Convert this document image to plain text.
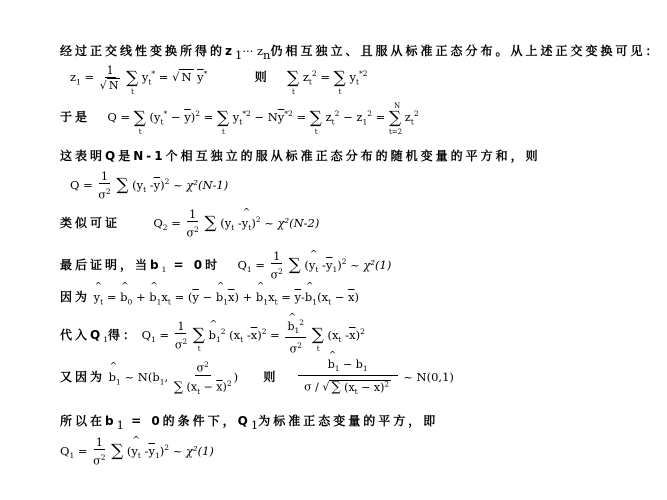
经过正交线性变换所得的$z_1\cdot\cdot\cdot z_n$仍相互独立、且服从标准正态分布。从上述正交变换可见：
$z_1 = \frac{1}{√ N}$ ∑
t
$y_t^*$ = √ N $\overline{y}^*$	则 ∑
t
$z_t^2$ = ∑
t
$y_t^{*2}$
于是  Q = ∑
t
$(y_t^* - \overline{y})^2$ = ∑
t
$y_t^{*2} - N\overline{y}^{*2}$ = ∑
t
$z_t^2 - z_1^2$ = ∑
N
t=2
$z_t^2$
这表明Q是N-1个相互独立的服从标准正态分布的随机变量的平方和，则
$Q = \frac{1}{\sigma^2}$ ∑ ($y_t$ $-\overline{y})^2$ ~ χ²(N-1)
类似可证	$Q_2 = \frac{1}{\sigma^2}$ ∑ ($y_t$ -^ $y_t)^2$ ~ χ²(N-2)
最后证明，当$b_1 = 0$时  $Q_1 = \frac{1}{\sigma^2}$ ∑ (^ $y_t$ $-\overline{y}_1)^2$ ~ χ²(1)
因为 ^ $y_t$ = ^ $b_0$ + ^ $b_1x_t = (\overline{y}$ − ^ $b_1\overline{x}$) + ^ $b_1x_t$ = $\overline{y}-\^{}$ $b_1(x_t - \overline{x})$
代入$Q_1$得： $Q_1 = \frac{1}{\sigma^2}$ ∑
t
^ $b_1^2$ ($x_t$ $-\overline{x})^2$ = ^ $\frac{b_1^2}{\sigma^2}$ ∑
t
($x_t$ $-\overline{x})^2$
又因为 ^ $b_1$ ~ $N(b_1$, $\frac{\sigma^2}{\sum (x_t - \overline{x})^2}$ )  则 ^ $\frac{b_1 - b_1}{\sigma / √ \sum (x_t - \overline{x})^2}$ ~ N(0,1)
所以在$b_1 = 0$的条件下，$Q_1$为标准正态变量的平方，即
$Q_1 = \frac{1}{\sigma^2}$ ∑ (^ $y_t$ $-\overline{y}_1)^2$ ~ χ²(1)
